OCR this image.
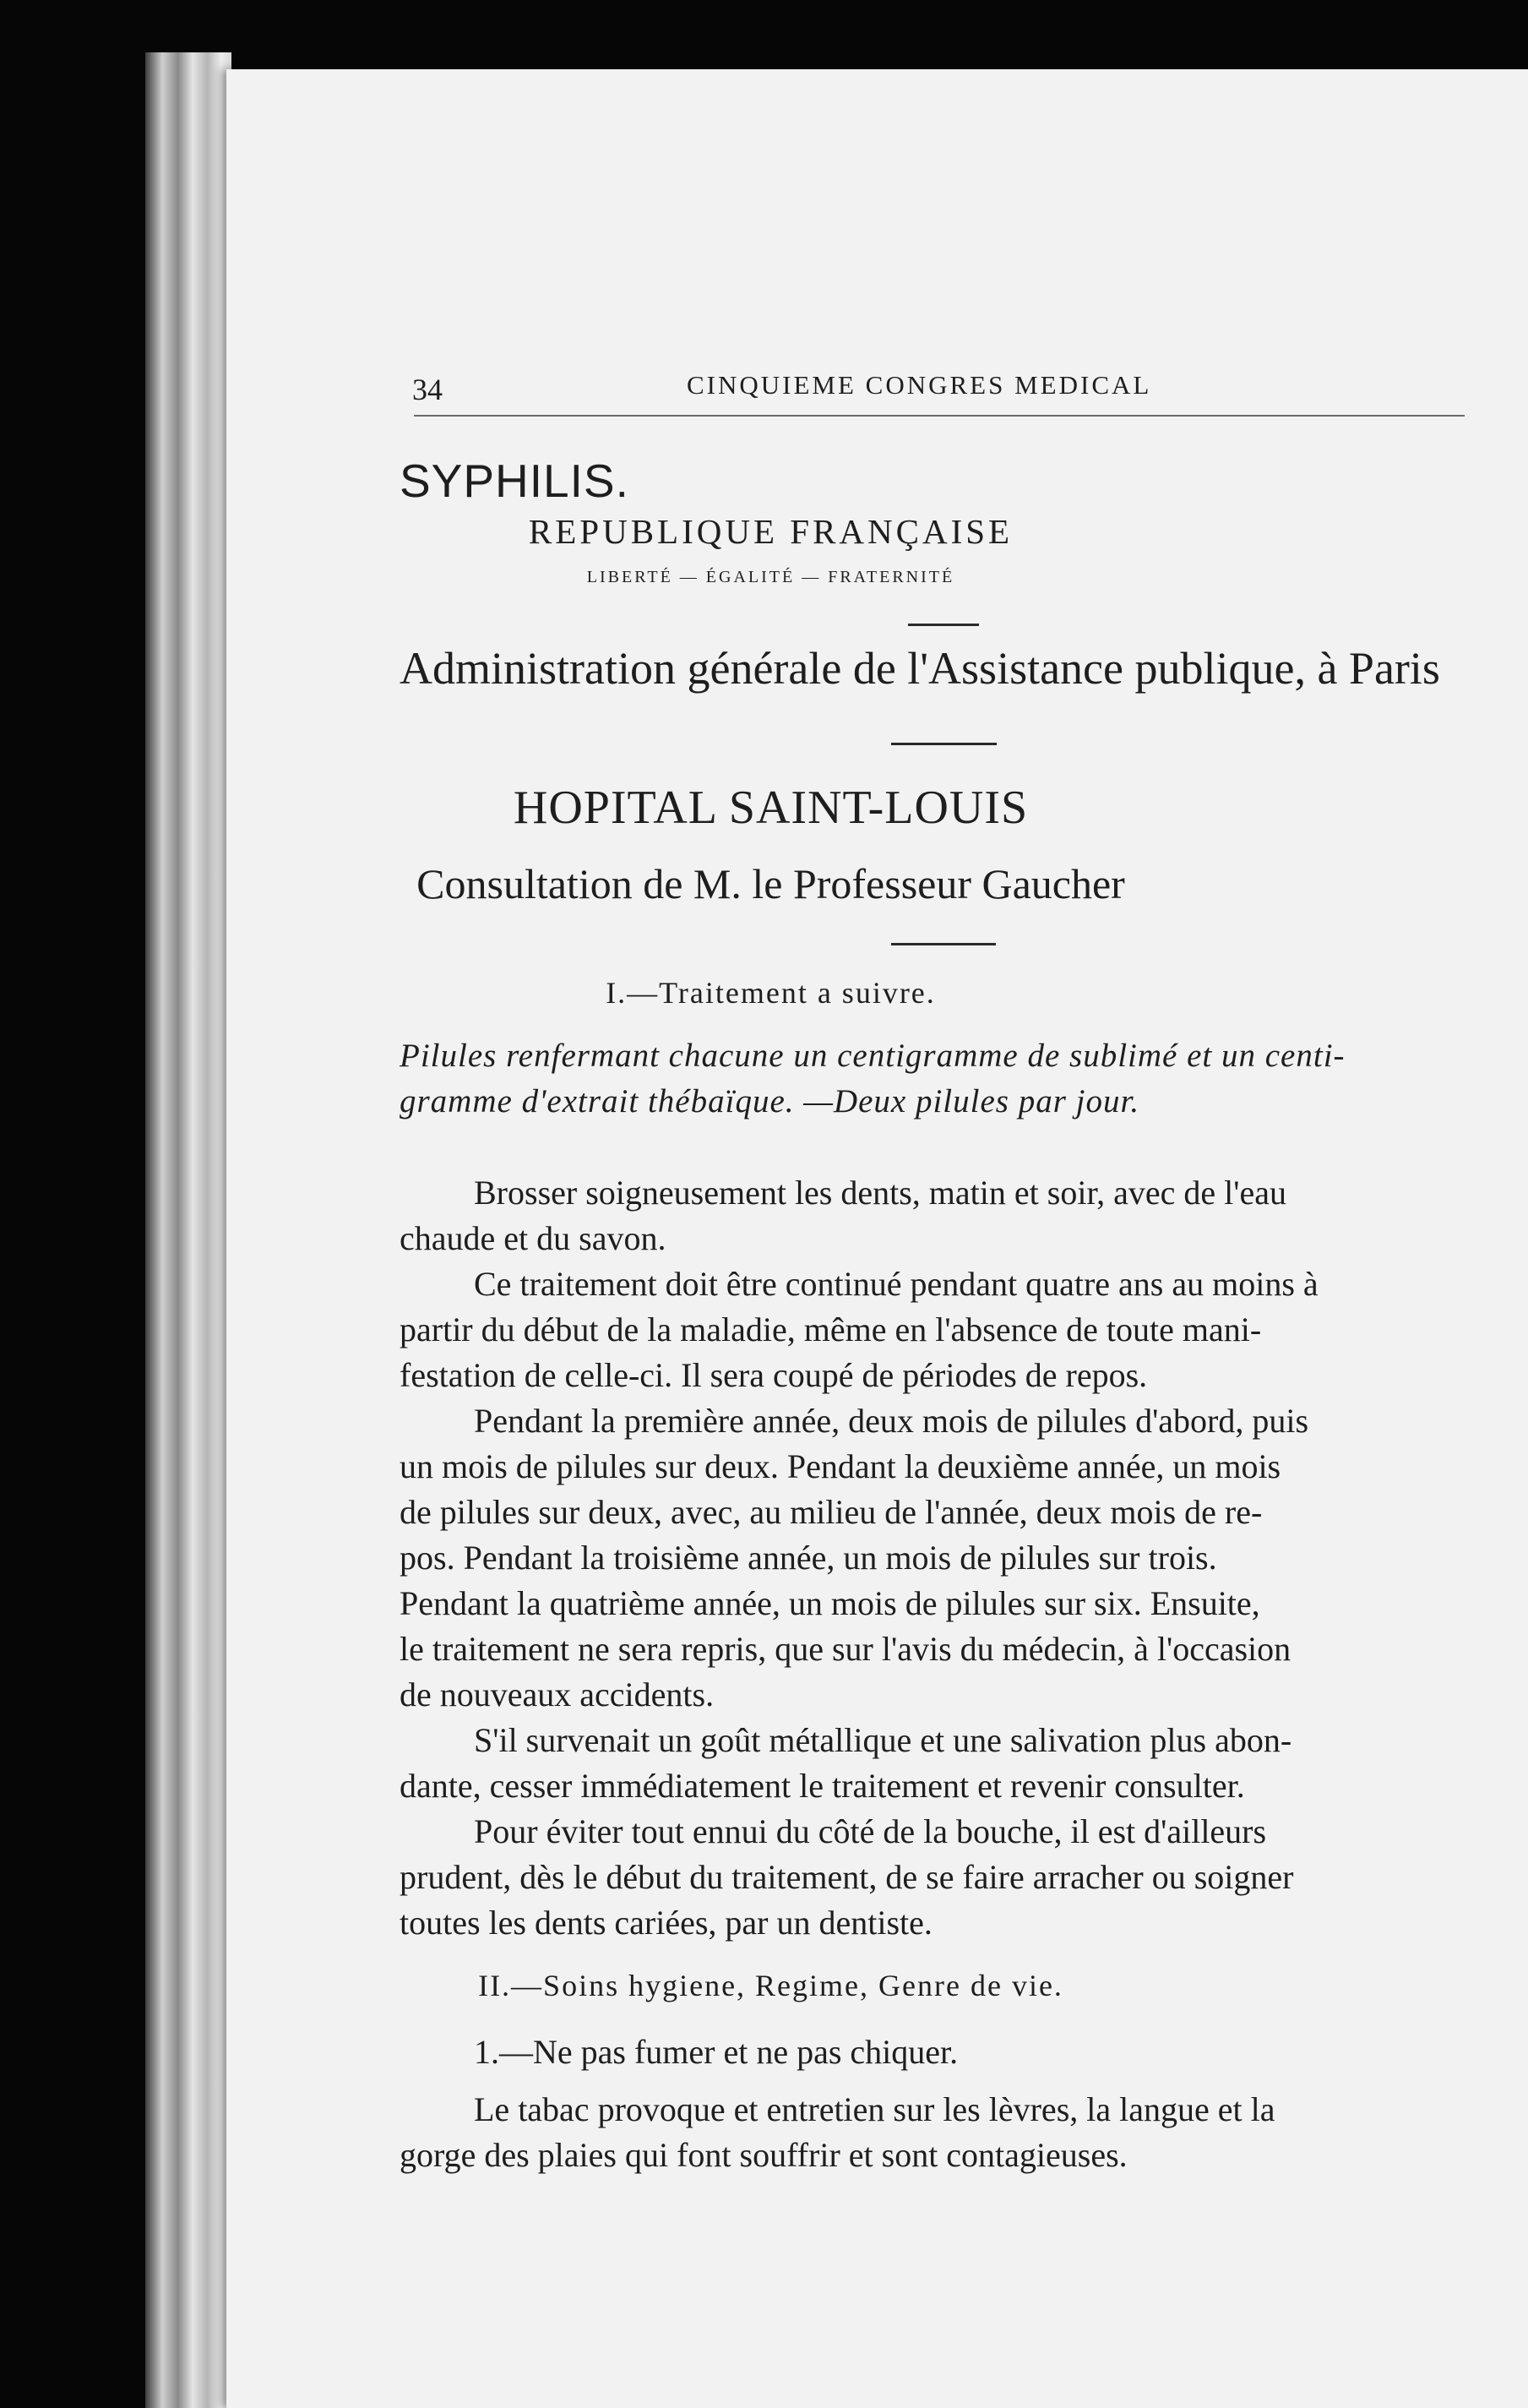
34	CINQUIEME CONGRES MEDICAL
SYPHILIS.
REPUBLIQUE FRANÇAISE
LIBERTÉ — ÉGALITÉ — FRATERNITÉ
Administration générale de l'Assistance publique, à Paris
HOPITAL SAINT-LOUIS
Consultation de M. le Professeur Gaucher
I.—Traitement a suivre.
Pilules renfermant chacune un centigramme de sublimé et un centi-
gramme d'extrait thébaïque. —Deux pilules par jour.
Brosser soigneusement les dents, matin et soir, avec de l'eau
chaude et du savon.
Ce traitement doit être continué pendant quatre ans au moins à
partir du début de la maladie, même en l'absence de toute mani-
festation de celle-ci. Il sera coupé de périodes de repos.
Pendant la première année, deux mois de pilules d'abord, puis
un mois de pilules sur deux. Pendant la deuxième année, un mois
de pilules sur deux, avec, au milieu de l'année, deux mois de re-
pos. Pendant la troisième année, un mois de pilules sur trois.
Pendant la quatrième année, un mois de pilules sur six. Ensuite,
le traitement ne sera repris, que sur l'avis du médecin, à l'occasion
de nouveaux accidents.
S'il survenait un goût métallique et une salivation plus abon-
dante, cesser immédiatement le traitement et revenir consulter.
Pour éviter tout ennui du côté de la bouche, il est d'ailleurs
prudent, dès le début du traitement, de se faire arracher ou soigner
toutes les dents cariées, par un dentiste.
II.—Soins hygiene, Regime, Genre de vie.
1.—Ne pas fumer et ne pas chiquer.
Le tabac provoque et entretien sur les lèvres, la langue et la
gorge des plaies qui font souffrir et sont contagieuses.
